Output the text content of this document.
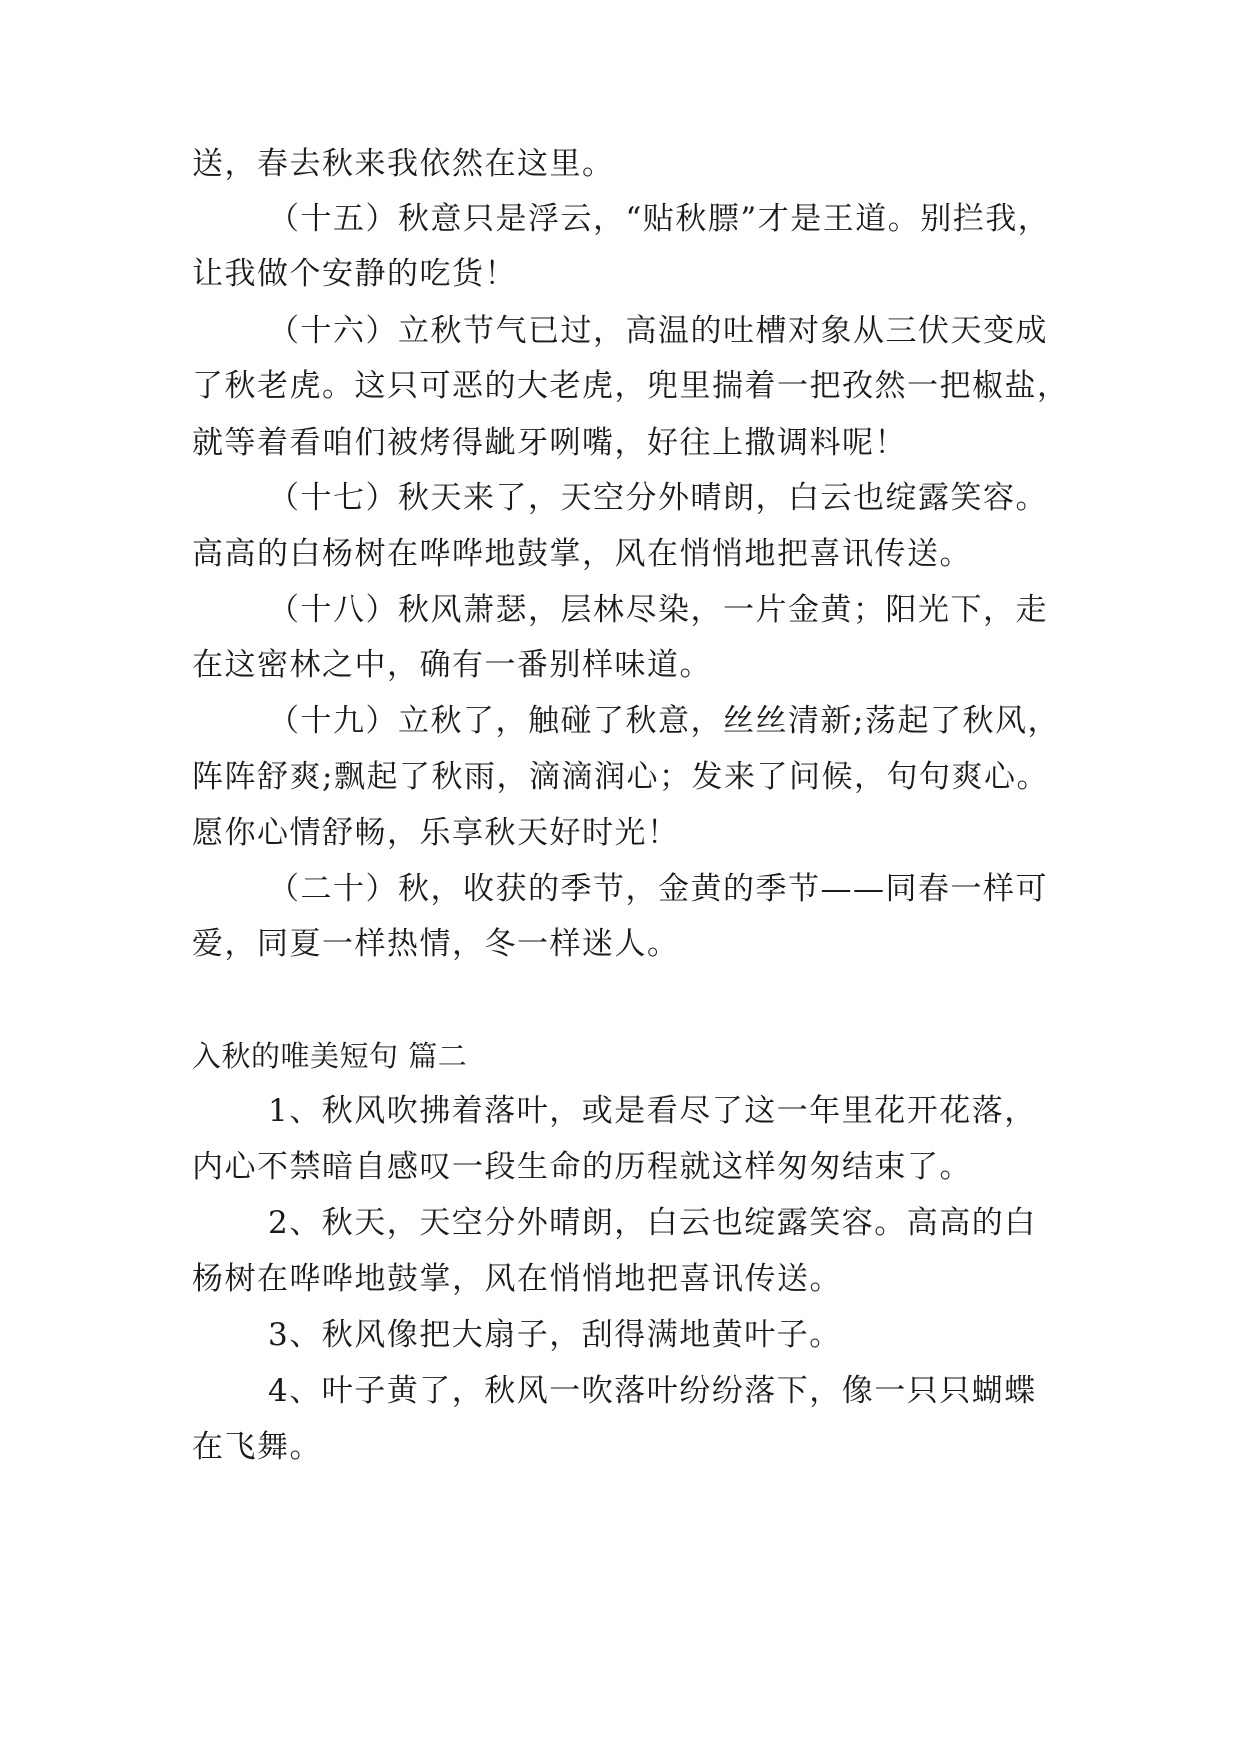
送，春去秋来我依然在这里。
（十五）秋意只是浮云，“贴秋膘”才是王道。别拦我，
让我做个安静的吃货！
（十六）立秋节气已过，高温的吐槽对象从三伏天变成
了秋老虎。这只可恶的大老虎，兜里揣着一把孜然一把椒盐，
就等着看咱们被烤得龇牙咧嘴，好往上撒调料呢！
（十七）秋天来了，天空分外晴朗，白云也绽露笑容。
高高的白杨树在哗哗地鼓掌，风在悄悄地把喜讯传送。
（十八）秋风萧瑟，层林尽染，一片金黄；阳光下，走
在这密林之中，确有一番别样味道。
（十九）立秋了，触碰了秋意，丝丝清新;荡起了秋风，
阵阵舒爽;飘起了秋雨，滴滴润心；发来了问候，句句爽心。
愿你心情舒畅，乐享秋天好时光！
（二十）秋，收获的季节，金黄的季节——同春一样可
爱，同夏一样热情，冬一样迷人。
入秋的唯美短句 篇二
1、秋风吹拂着落叶，或是看尽了这一年里花开花落，
内心不禁暗自感叹一段生命的历程就这样匆匆结束了。
2、秋天，天空分外晴朗，白云也绽露笑容。高高的白
杨树在哗哗地鼓掌，风在悄悄地把喜讯传送。
3、秋风像把大扇子，刮得满地黄叶子。
4、叶子黄了，秋风一吹落叶纷纷落下，像一只只蝴蝶
在飞舞。
